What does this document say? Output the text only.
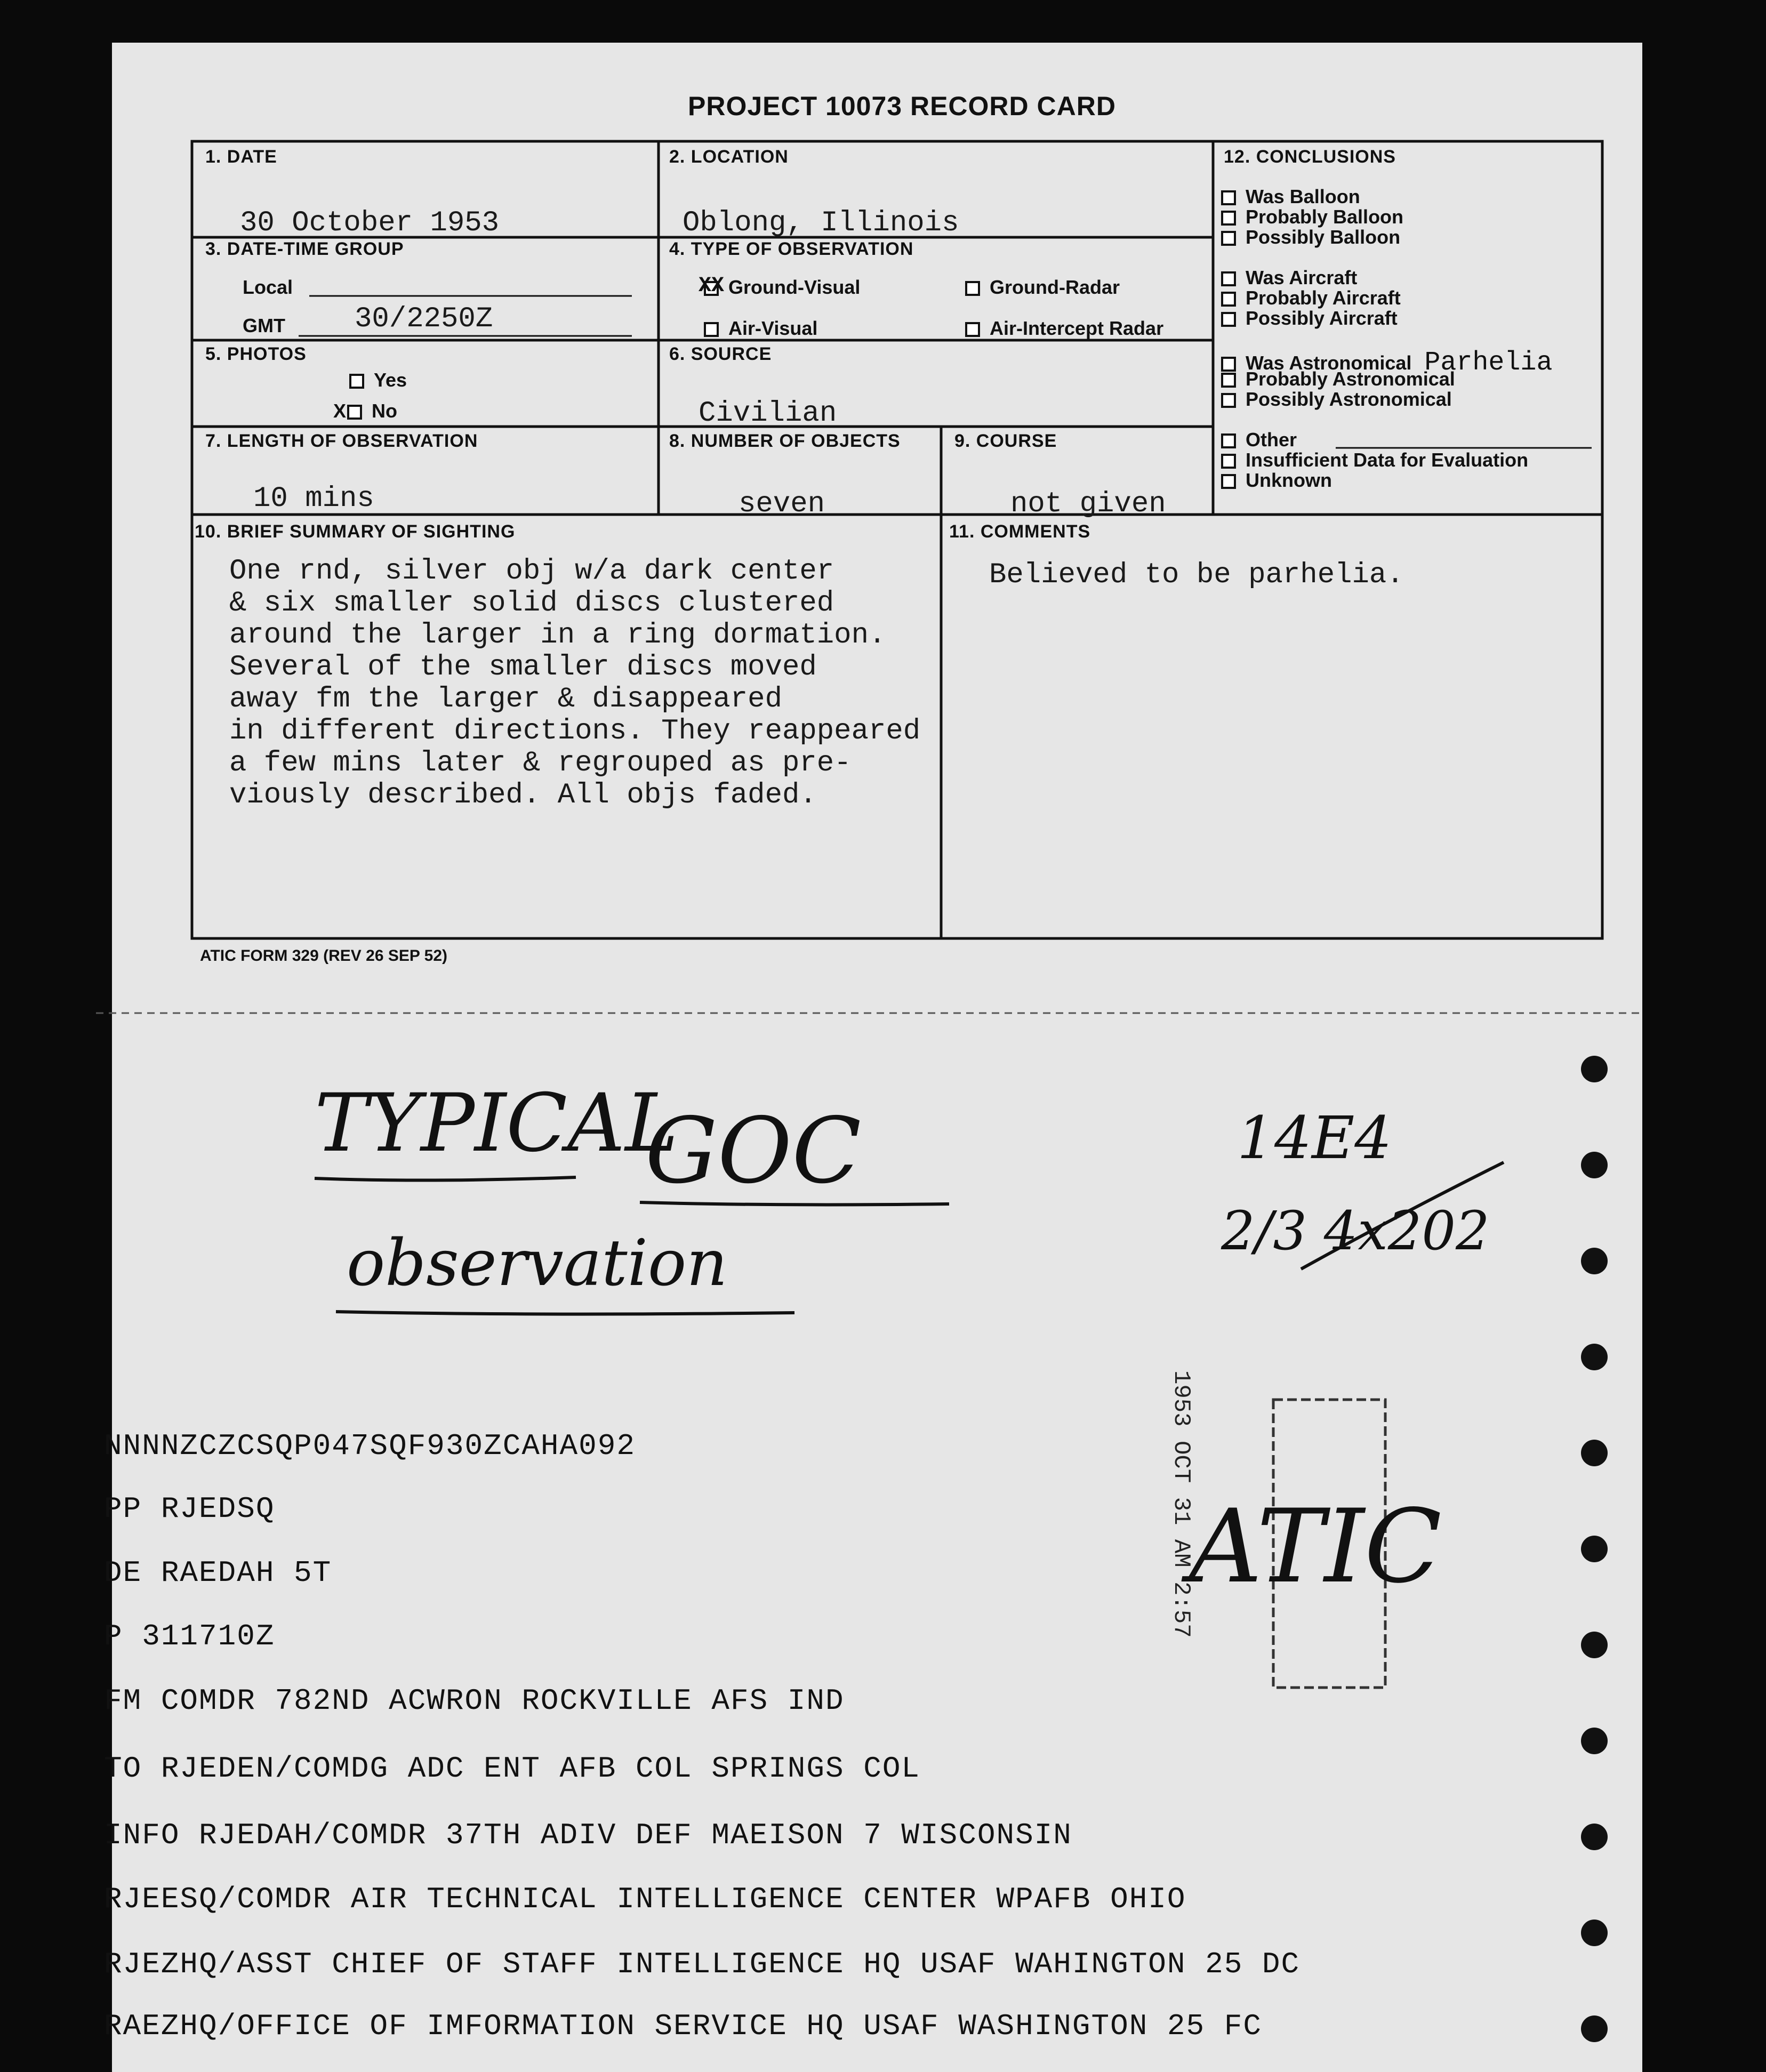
PROJECT 10073 RECORD CARD
1. DATE
30 October 1953
2. LOCATION
Oblong, Illinois
3. DATE-TIME GROUP
Local
GMT 30/2250Z
4. TYPE OF OBSERVATION
XX Ground-Visual	Ground-Radar
Air-Visual	Air-Intercept Radar
5. PHOTOS
Yes
X No
6. SOURCE
Civilian
7. LENGTH OF OBSERVATION
10 mins
8. NUMBER OF OBJECTS
seven
9. COURSE
not given
10. BRIEF SUMMARY OF SIGHTING
One rnd, silver obj w/a dark center
& six smaller solid discs clustered
around the larger in a ring dormation.
Several of the smaller discs moved
away fm the larger & disappeared
in different directions. They reappeared
a few mins later & regrouped as pre-
viously described. All objs faded.
11. COMMENTS
Believed to be parhelia.
12. CONCLUSIONS
Was Balloon
Probably Balloon
Possibly Balloon
Was Aircraft
Probably Aircraft
Possibly Aircraft
Was Astronomical Parhelia
Probably Astronomical
Possibly Astronomical
Other
Insufficient Data for Evaluation
Unknown
ATIC FORM 329 (REV 26 SEP 52)
TYPICAL
GOC
observation
14E4
2/3 4x202
ATIC
1953 OCT 31 AM 2:57
NNNNZCZCSQP047SQF930ZCAHA092
PP RJEDSQ
DE RAEDAH 5T
P 311710Z
FM COMDR 782ND ACWRON ROCKVILLE AFS IND
TO RJEDEN/COMDG ADC ENT AFB COL SPRINGS COL
INFO RJEDAH/COMDR 37TH ADIV DEF MAEISON 7 WISCONSIN
RJEESQ/COMDR AIR TECHNICAL INTELLIGENCE CENTER WPAFB OHIO
RJEZHQ/ASST CHIEF OF STAFF INTELLIGENCE HQ USAF WAHINGTON 25 DC
RAEZHQ/OFFICE OF IMFORMATION SERVICE HQ USAF WASHINGTON 25 FC
